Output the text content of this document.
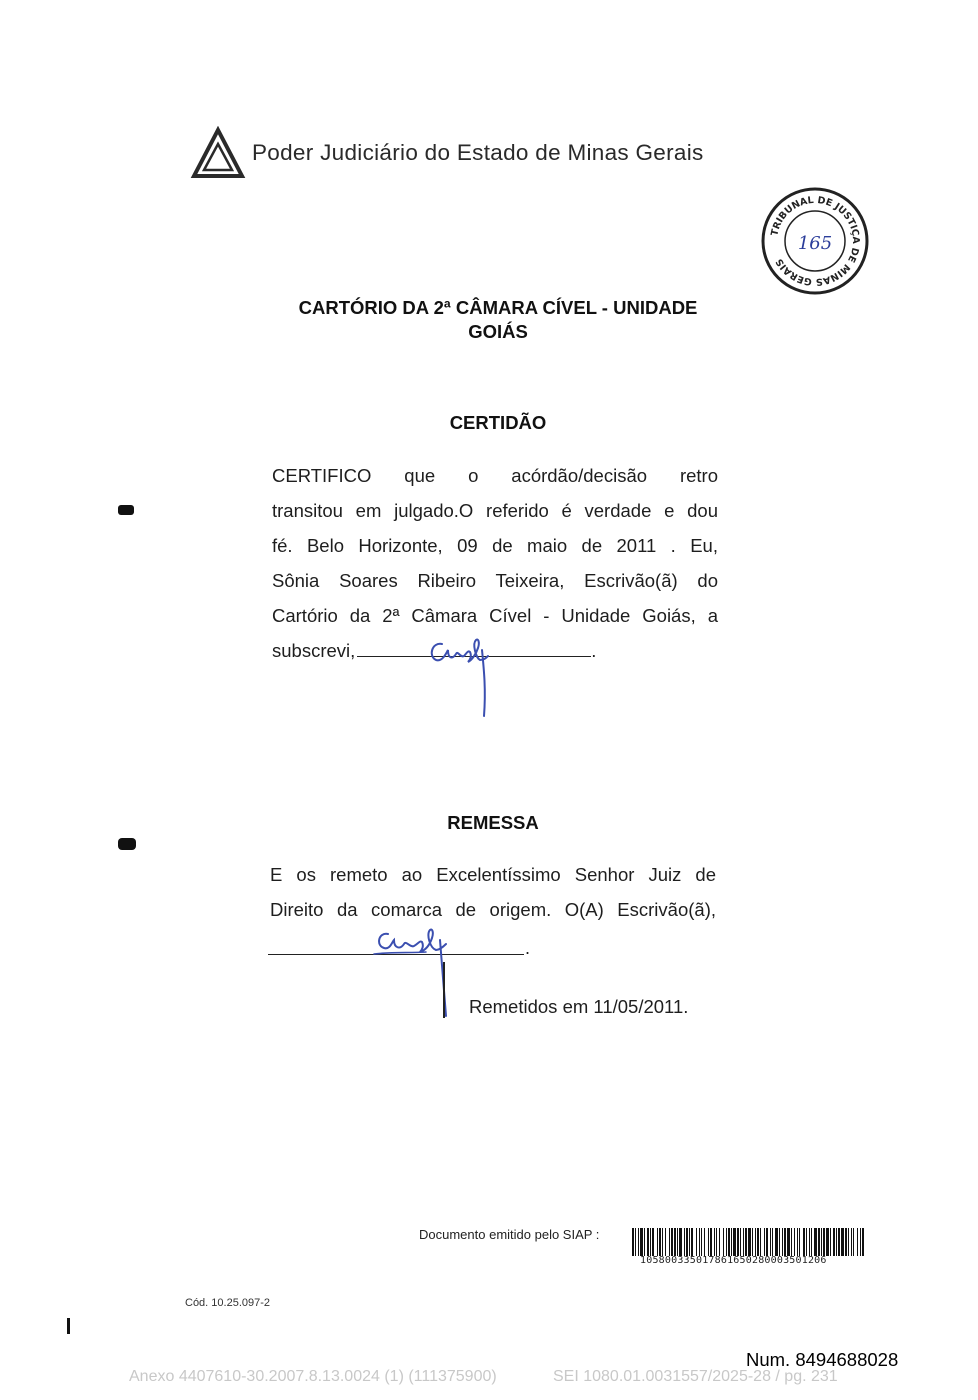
Poder Judiciário do Estado de Minas Gerais
TRIBUNAL DE JUSTIÇA DE MINAS GERAIS
165
CARTÓRIO DA 2ª CÂMARA CÍVEL - UNIDADE
GOIÁS
CERTIDÃO
CERTIFICO que o acórdão/decisão retro
transitou em julgado.O referido é verdade e dou
fé. Belo Horizonte, 09 de maio de 2011 . Eu,
Sônia Soares Ribeiro Teixeira, Escrivão(ã) do
Cartório da 2ª Câmara Cível - Unidade Goiás, a
subscrevi,	.
REMESSA
E os remeto ao Excelentíssimo Senhor Juiz de
Direito da comarca de origem. O(A) Escrivão(ã),
.
Remetidos em 11/05/2011.
Documento emitido pelo SIAP :
1058003350178616502800035012​06
Cód. 10.25.097-2
Num. 8494688028
Anexo 4407610-30.2007.8.13.0024 (1) (111375900)	SEI 1080.01.0031557/2025-28 / pg. 231
